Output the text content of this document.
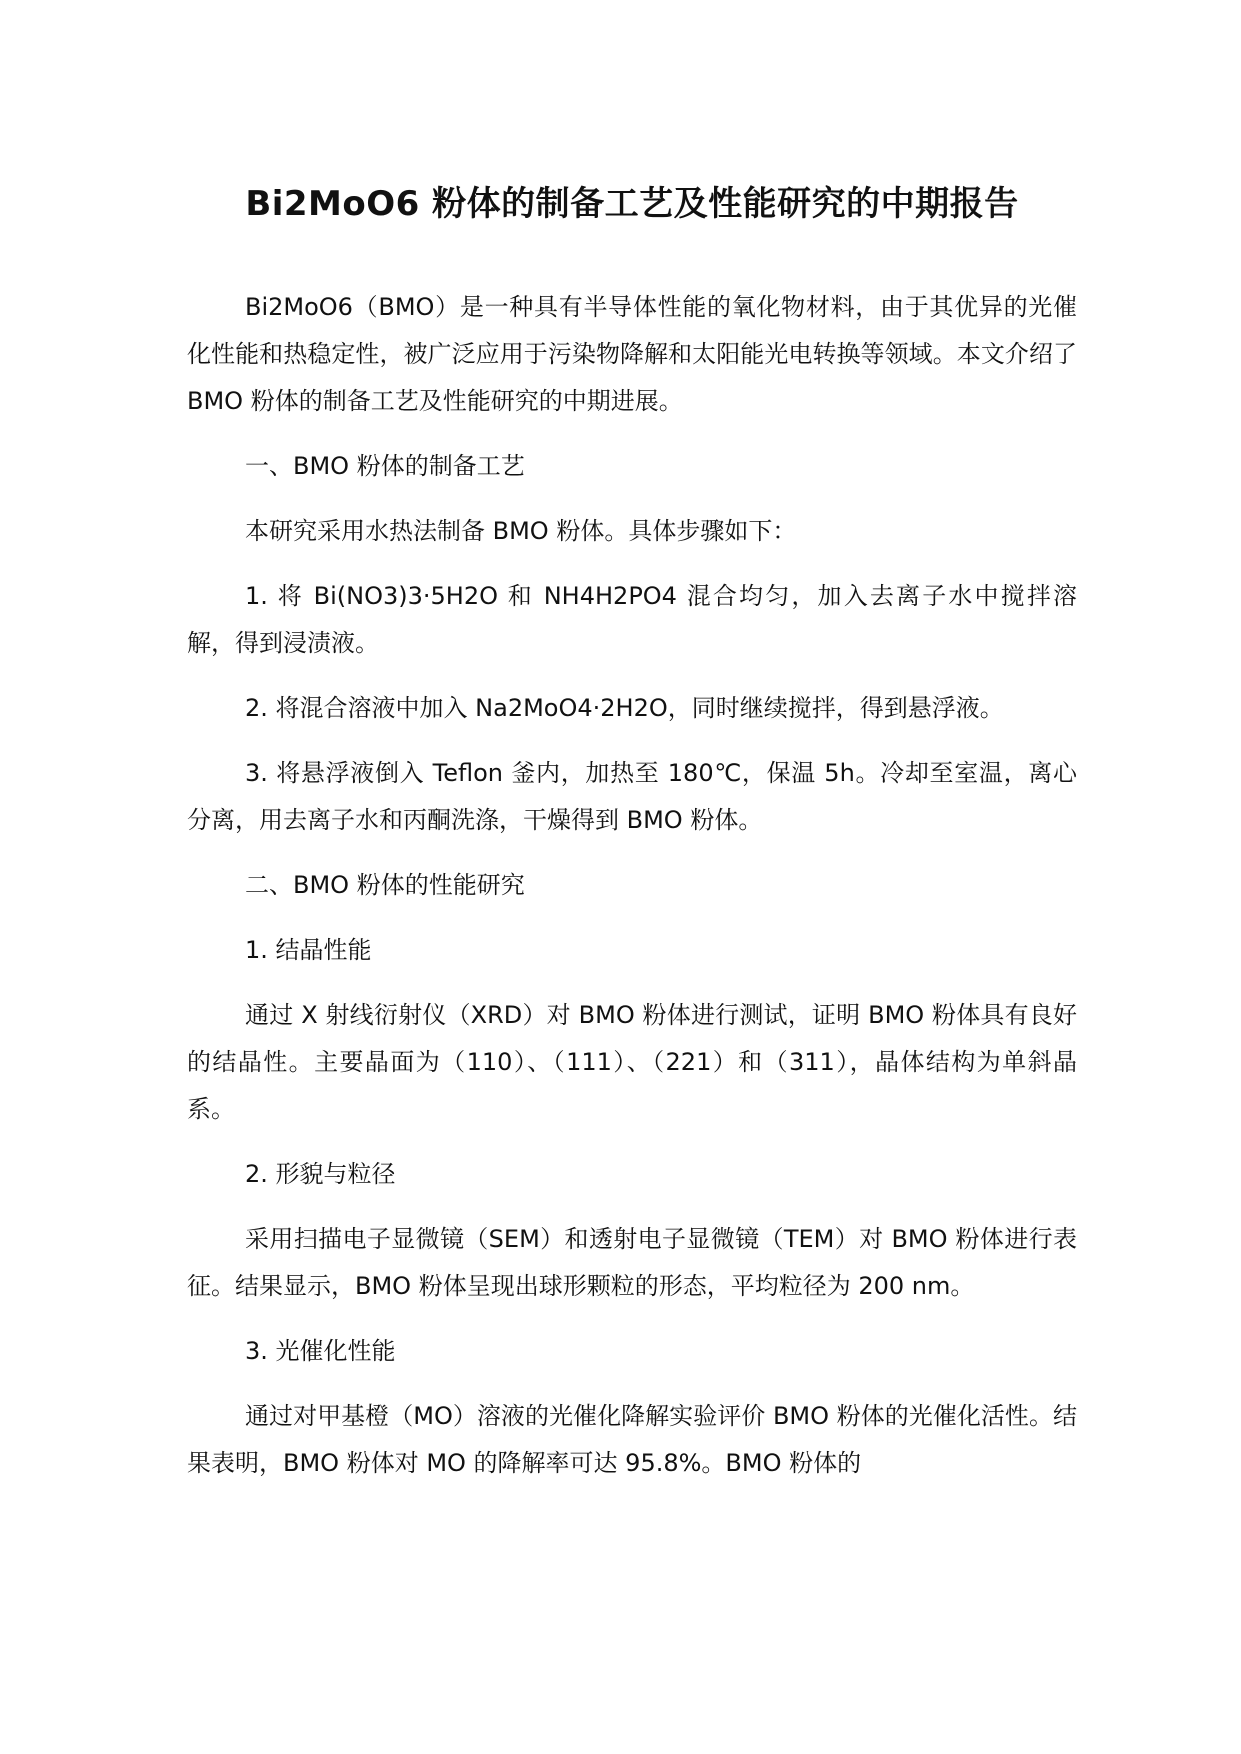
Bi2MoO6 粉体的制备工艺及性能研究的中期报告
Bi2MoO6（BMO）是一种具有半导体性能的氧化物材料，由于其优异的光催化性能和热稳定性，被广泛应用于污染物降解和太阳能光电转换等领域。本文介绍了 BMO 粉体的制备工艺及性能研究的中期进展。
一、BMO 粉体的制备工艺
本研究采用水热法制备 BMO 粉体。具体步骤如下：
1. 将 Bi(NO3)3·5H2O 和 NH4H2PO4 混合均匀，加入去离子水中搅拌溶解，得到浸渍液。
2. 将混合溶液中加入 Na2MoO4·2H2O，同时继续搅拌，得到悬浮液。
3. 将悬浮液倒入 Teflon 釜内，加热至 180℃，保温 5h。冷却至室温，离心分离，用去离子水和丙酮洗涤，干燥得到 BMO 粉体。
二、BMO 粉体的性能研究
1. 结晶性能
通过 X 射线衍射仪（XRD）对 BMO 粉体进行测试，证明 BMO 粉体具有良好的结晶性。主要晶面为（110）、（111）、（221）和（311），晶体结构为单斜晶系。
2. 形貌与粒径
采用扫描电子显微镜（SEM）和透射电子显微镜（TEM）对 BMO 粉体进行表征。结果显示，BMO 粉体呈现出球形颗粒的形态，平均粒径为 200 nm。
3. 光催化性能
通过对甲基橙（MO）溶液的光催化降解实验评价 BMO 粉体的光催化活性。结果表明，BMO 粉体对 MO 的降解率可达 95.8%。BMO 粉体的
